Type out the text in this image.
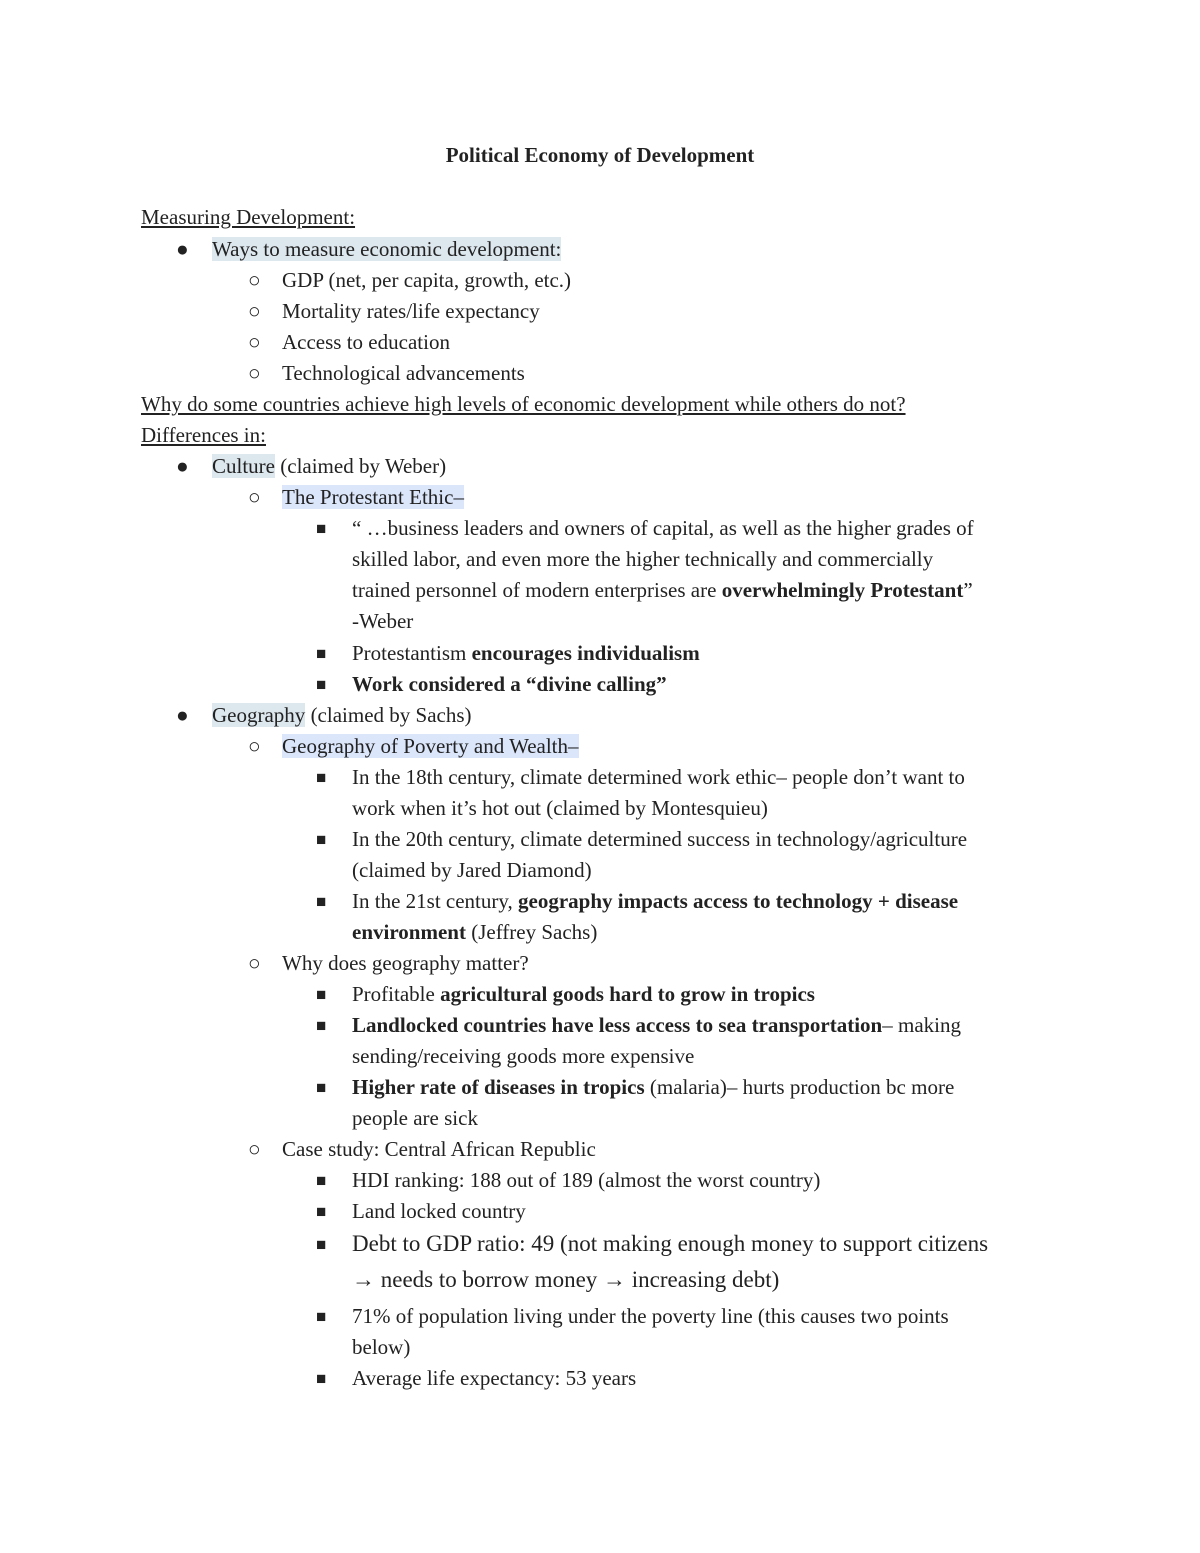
Political Economy of Development
Measuring Development:
● Ways to measure economic development:
○ GDP (net, per capita, growth, etc.)
○ Mortality rates/life expectancy
○ Access to education
○ Technological advancements
Why do some countries achieve high levels of economic development while others do not?
Differences in:
● Culture (claimed by Weber)
○ The Protestant Ethic–
■ “ …business leaders and owners of capital, as well as the higher grades of
skilled labor, and even more the higher technically and commercially
trained personnel of modern enterprises are overwhelmingly Protestant”
-Weber
■ Protestantism encourages individualism
■ Work considered a “divine calling”
● Geography (claimed by Sachs)
○ Geography of Poverty and Wealth–
■ In the 18th century, climate determined work ethic– people don’t want to
work when it’s hot out (claimed by Montesquieu)
■ In the 20th century, climate determined success in technology/agriculture
(claimed by Jared Diamond)
■ In the 21st century, geography impacts access to technology + disease
environment (Jeffrey Sachs)
○ Why does geography matter?
■ Profitable agricultural goods hard to grow in tropics
■ Landlocked countries have less access to sea transportation– making
sending/receiving goods more expensive
■ Higher rate of diseases in tropics (malaria)– hurts production bc more
people are sick
○ Case study: Central African Republic
■ HDI ranking: 188 out of 189 (almost the worst country)
■ Land locked country
■ Debt to GDP ratio: 49 (not making enough money to support citizens
→ needs to borrow money → increasing debt)
■ 71% of population living under the poverty line (this causes two points
below)
■ Average life expectancy: 53 years
